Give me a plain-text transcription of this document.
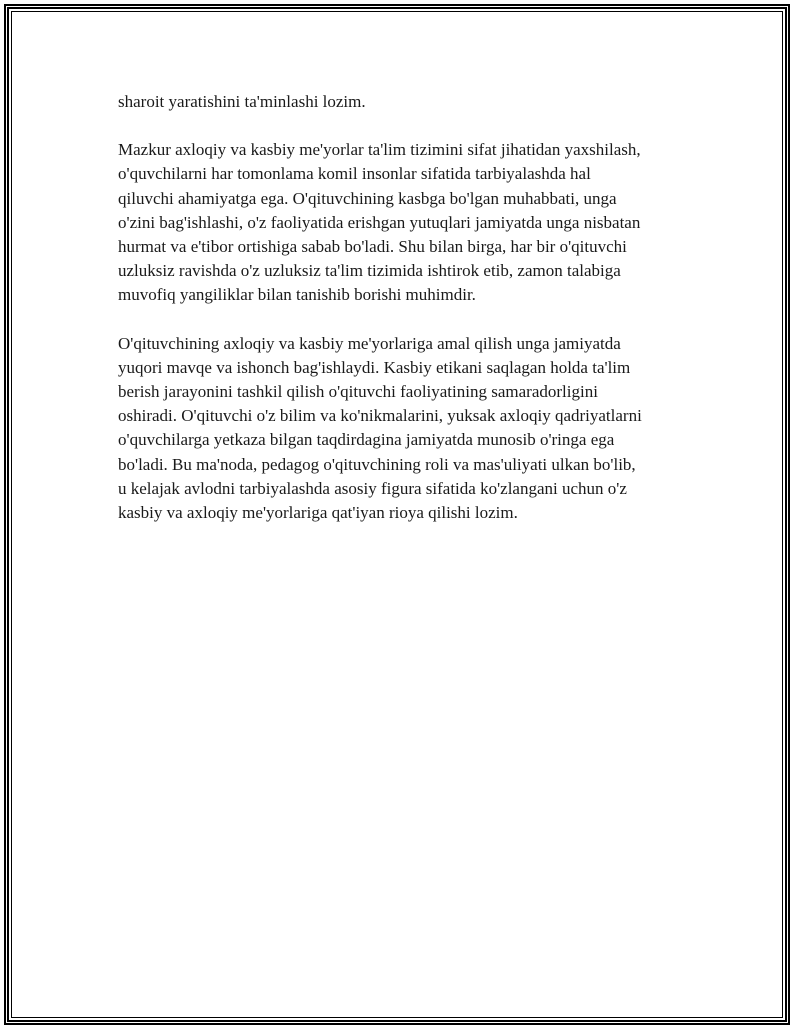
sharoit yaratishini ta'minlashi lozim.

Mazkur axloqiy va kasbiy me'yorlar ta'lim tizimini sifat jihatidan yaxshilash,
o'quvchilarni har tomonlama komil insonlar sifatida tarbiyalashda hal
qiluvchi ahamiyatga ega. O'qituvchining kasbga bo'lgan muhabbati, unga
o'zini bag'ishlashi, o'z faoliyatida erishgan yutuqlari jamiyatda unga nisbatan
hurmat va e'tibor ortishiga sabab bo'ladi. Shu bilan birga, har bir o'qituvchi
uzluksiz ravishda o'z uzluksiz ta'lim tizimida ishtirok etib, zamon talabiga
muvofiq yangiliklar bilan tanishib borishi muhimdir.

O'qituvchining axloqiy va kasbiy me'yorlariga amal qilish unga jamiyatda
yuqori mavqe va ishonch bag'ishlaydi. Kasbiy etikani saqlagan holda ta'lim
berish jarayonini tashkil qilish o'qituvchi faoliyatining samaradorligini
oshiradi. O'qituvchi o'z bilim va ko'nikmalarini, yuksak axloqiy qadriyatlarni
o'quvchilarga yetkaza bilgan taqdirdagina jamiyatda munosib o'ringa ega
bo'ladi. Bu ma'noda, pedagog o'qituvchining roli va mas'uliyati ulkan bo'lib,
u kelajak avlodni tarbiyalashda asosiy figura sifatida ko'zlangani uchun o'z
kasbiy va axloqiy me'yorlariga qat'iyan rioya qilishi lozim.
